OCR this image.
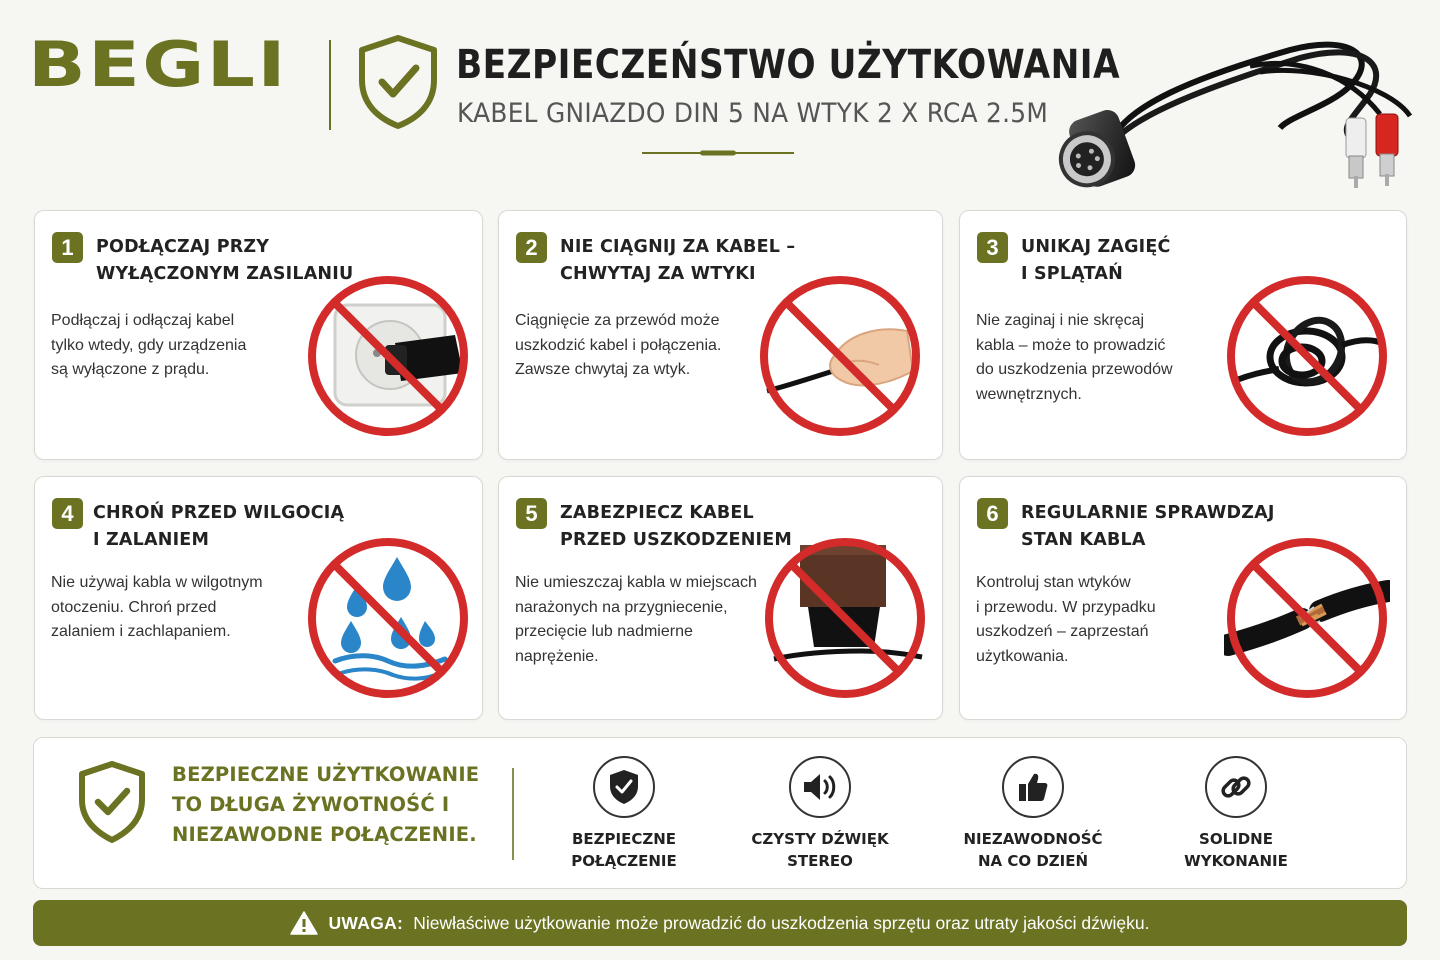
BEGLI	BEZPIECZEŃSTWO UŻYTKOWANIA
KABEL GNIAZDO DIN 5 NA WTYK 2 X RCA 2.5M
1	PODŁĄCZAJ PRZY
WYŁĄCZONYM ZASILANIU
Podłączaj i odłączaj kabel
tylko wtedy, gdy urządzenia
są wyłączone z prądu.
2	NIE CIĄGNIJ ZA KABEL –
CHWYTAJ ZA WTYKI
Ciągnięcie za przewód może
uszkodzić kabel i połączenia.
Zawsze chwytaj za wtyk.
3	UNIKAJ ZAGIĘĆ
I SPLĄTAŃ
Nie zaginaj i nie skręcaj
kabla – może to prowadzić
do uszkodzenia przewodów
wewnętrznych.
4	CHROŃ PRZED WILGOCIĄ
I ZALANIEM
Nie używaj kabla w wilgotnym
otoczeniu. Chroń przed
zalaniem i zachlapaniem.
5	ZABEZPIECZ KABEL
PRZED USZKODZENIEM
Nie umieszczaj kabla w miejscach
narażonych na przygniecenie,
przecięcie lub nadmierne
naprężenie.
6	REGULARNIE SPRAWDZAJ
STAN KABLA
Kontroluj stan wtyków
i przewodu. W przypadku
uszkodzeń – zaprzestań
użytkowania.
BEZPIECZNE UŻYTKOWANIE
TO DŁUGA ŻYWOTNOŚĆ I
NIEZAWODNE POŁĄCZENIE.	BEZPIECZNE
POŁĄCZENIE
CZYSTY DŹWIĘK
STEREO
NIEZAWODNOŚĆ
NA CO DZIEŃ
SOLIDNE
WYKONANIE
UWAGA: Niewłaściwe użytkowanie może prowadzić do uszkodzenia sprzętu oraz utraty jakości dźwięku.
